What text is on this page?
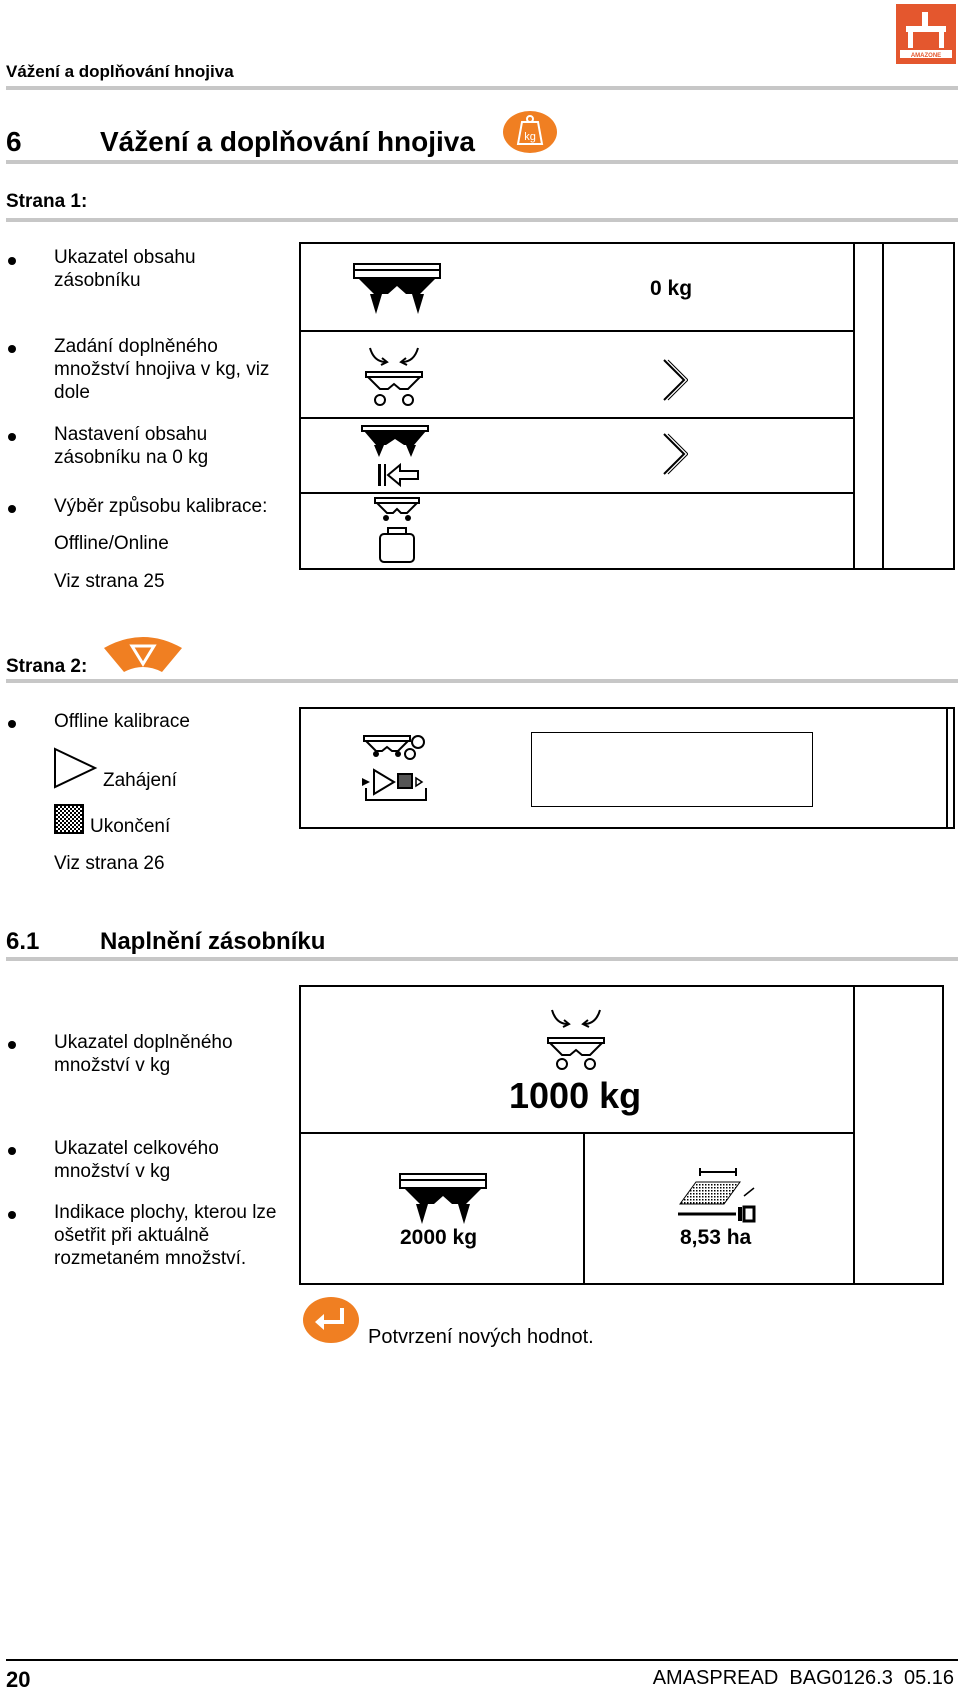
AMAZONE
Vážení a doplňování hnojiva
6	Vážení a doplňování hnojiva	kg
Strana 1:
Ukazatel obsahu zásobníku
Zadání doplněného množství hnojiva v kg, viz dole
Nastavení obsahu zásobníku na 0 kg
Výběr způsobu kalibrace:
Offline/Online
Viz strana 25
0 kg
Strana 2:
Offline kalibrace
Zahájení
Ukončení
Viz strana 26
6.1	Naplnění zásobníku
Ukazatel doplněného množství v kg
Ukazatel celkového množství v kg
Indikace plochy, kterou lze ošetřit při aktuálně rozmetaném množství.
1000 kg
2000 kg	8,53 ha
Potvrzení nových hodnot.
20	AMASPREAD  BAG0126.3  05.16
